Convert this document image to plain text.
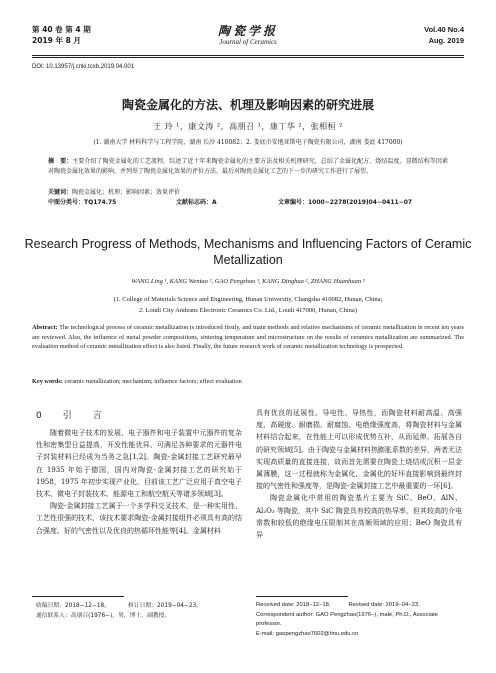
第 40 卷 第 4 期
2019 年 8 月
陶瓷学报
Journal of Ceramics
Vol.40 No.4
Aug. 2019
DOI: 10.13957/j.cnki.tcxb.2019.04.001
陶瓷金属化的方法、机理及影响因素的研究进展
王 玲 ¹，康文涛 ²，高朋召 ¹，康丁华 ²，张相桓 ²
(1. 湖南大学 材料科学与工程学院，湖南 长沙 410082；2. 娄底市安地亚斯电子陶瓷有限公司，湖南 娄底 417000)
摘　要：主要介绍了陶瓷金属化的工艺流程，综述了近十年来陶瓷金属化的主要方法及相关机理研究，总结了金属化配方、烧结温度、显微结构等因素对陶瓷金属化效果的影响，并列举了陶瓷金属化效果的评价方法，最后对陶瓷金属化工艺的下一步的研究工作进行了展望。
关键词：陶瓷金属化；机理；影响因素；效果评价
中图分类号：TQ174.75	文献标志码：A	文章编号：1000−2278(2019)04−0411−07
Research Progress of Methods, Mechanisms and Influencing Factors of Ceramic Metallization
WANG Ling ¹, KANG Wentao ², GAO Pengzhao ¹, KANG Dinghua ², ZHANG Huanhuan ²
(1. College of Materials Science and Engineering, Hunan University, Changsha 410082, Hunan, China;
2. Loudi City Andeans Electronic Ceramics Co. Ltd., Loudi 417000, Hunan, China)
Abstract: The technological process of ceramic metallization is introduced firstly, and main methods and relative mechanisms of ceramic metallization in recent ten years are reviewed. Also, the influence of metal powder compositions, sintering temperature and microstructure on the results of ceramics metallization are summarized. The evaluation method of ceramic metallization effect is also listed. Finally, the future research work of ceramic metallization technology is prospected.
Key words: ceramic metallization; mechanism; influence factors; effect evaluation
0　引　言

随着微电子技术的发展，电子器件和电子装置中元器件的复杂性和密集型日益提高，开发性能优异、可满足各种要求的元器件电子封装材料已经成为当务之急[1,2]。陶瓷-金属封接工艺研究最早在 1935 年始于德国，国内对陶瓷-金属封接工艺的研究始于 1958，1975 年初步实现产业化，目前该工艺广泛应用于真空电子技术、微电子封装技术、能源电工和航空航天等诸多领域[3]。

陶瓷-金属封接工艺属于一个多学科交叉技术，是一种实用性、工艺性很强的技术，该技术要求陶瓷-金属封接组件必须具有高的结合强度、好的气密性以及优良的热循环性能等[4]。金属材料

具有优良的延展性、导电性、导热性，而陶瓷材料耐高温、高强度、高硬度、耐磨损、耐腐蚀、电绝缘强度高，将陶瓷材料与金属材料结合起来，在性能上可以形成优势互补，从而延伸、拓展各自的研究领域[5]。由于陶瓷与金属材料热膨胀系数的差异，两者无法实现高质量的直接连接，故而首先需要在陶瓷上烧结或沉积一层金属薄膜，这一过程就称为金属化，金属化的好坏直接影响到最终封接的气密性和强度等，是陶瓷-金属封接工艺中最重要的一环[6]。

陶瓷金属化中常用的陶瓷基片主要为 SiC、BeO、AlN、Al₂O₃ 等陶瓷，其中 SiC 陶瓷具有较高的热导率，但其较高的介电常数和较低的绝缘电压限制其在高频领域的应用；BeO 陶瓷具有异

收稿日期：2018−12−18。	修订日期：2019−04−23。
通信联系人：高朋召(1976−)，男，博士，副教授。
Received date: 2018−12−18.	Revised date: 2019−04−23.
Correspondent author: GAO Pengzhao(1976−), male, Ph.D., Associate professor.
E-mail: gaopengzhao7602@hnu.edu.cn
